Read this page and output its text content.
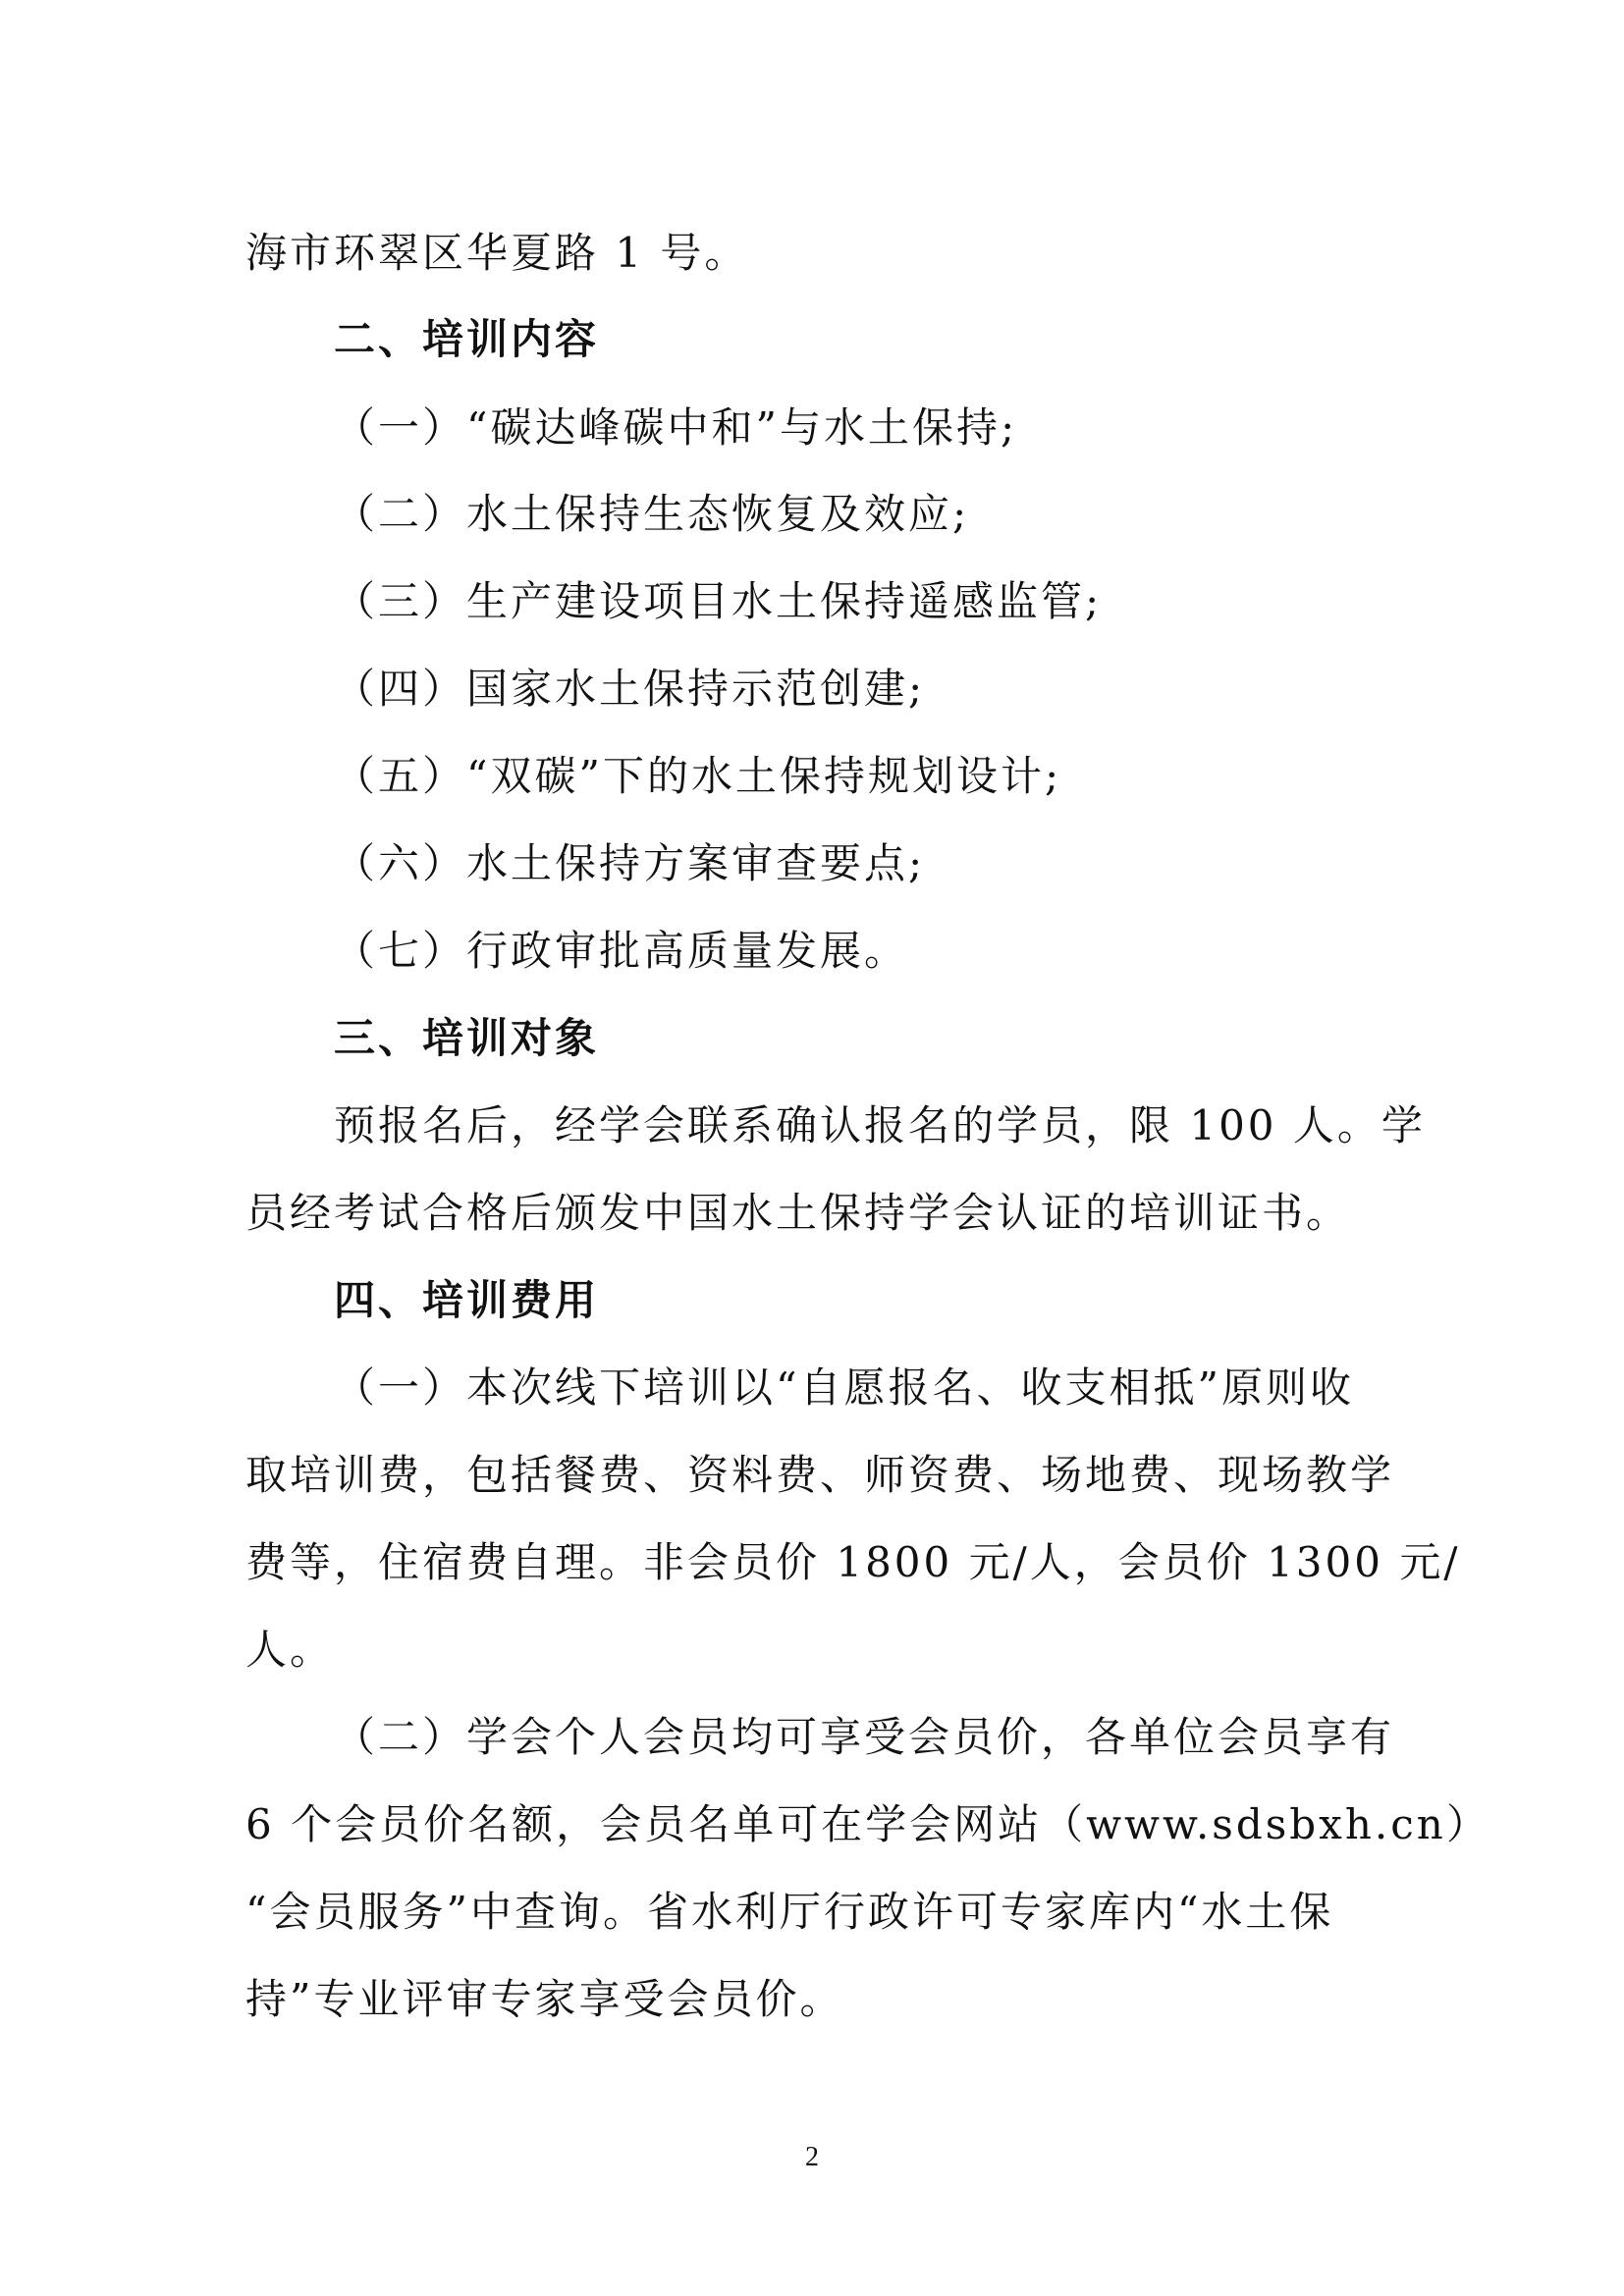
海市环翠区华夏路 1 号。
二、培训内容
（一）“碳达峰碳中和”与水土保持;
（二）水土保持生态恢复及效应;
（三）生产建设项目水土保持遥感监管;
（四）国家水土保持示范创建;
（五）“双碳”下的水土保持规划设计;
（六）水土保持方案审查要点;
（七）行政审批高质量发展。
三、培训对象
预报名后，经学会联系确认报名的学员，限 100 人。学
员经考试合格后颁发中国水土保持学会认证的培训证书。
四、培训费用
（一）本次线下培训以“自愿报名、收支相抵”原则收
取培训费，包括餐费、资料费、师资费、场地费、现场教学
费等，住宿费自理。非会员价 1800 元/人，会员价 1300 元/
人。
（二）学会个人会员均可享受会员价，各单位会员享有
6 个会员价名额，会员名单可在学会网站（www.sdsbxh.cn）
“会员服务”中查询。省水利厅行政许可专家库内“水土保
持”专业评审专家享受会员价。
2
